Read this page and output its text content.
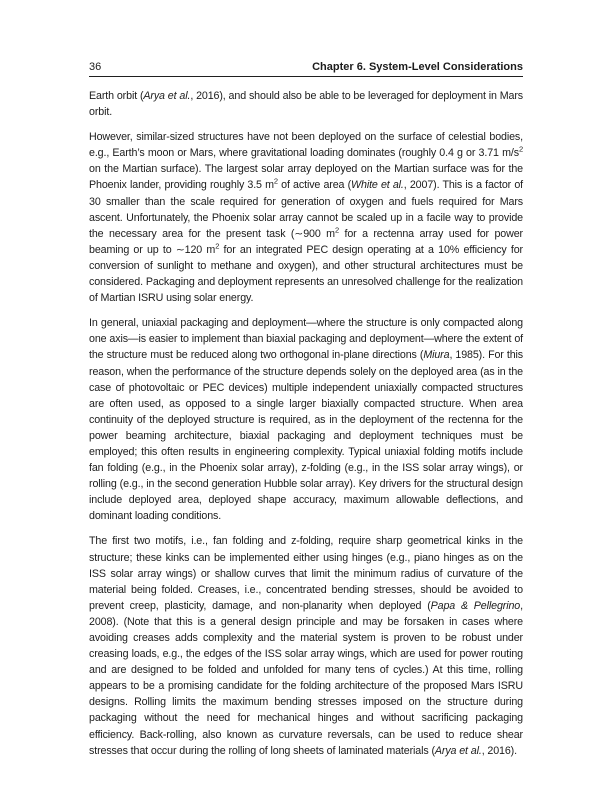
36	Chapter 6. System-Level Considerations

Earth orbit (Arya et al., 2016), and should also be able to be leveraged for deployment in Mars orbit.

However, similar-sized structures have not been deployed on the surface of celestial bodies, e.g., Earth’s moon or Mars, where gravitational loading dominates (roughly 0.4 g or 3.71 $m/s^2$ on the Martian surface). The largest solar array deployed on the Martian surface was for the Phoenix lander, providing roughly 3.5 $m^2$ of active area (White et al., 2007). This is a factor of 30 smaller than the scale required for generation of oxygen and fuels required for Mars ascent. Unfortunately, the Phoenix solar array cannot be scaled up in a facile way to provide the necessary area for the present task (∼900 $m^2$ for a rectenna array used for power beaming or up to ∼120 $m^2$ for an integrated PEC design operating at a 10% efficiency for conversion of sunlight to methane and oxygen), and other structural architectures must be considered. Packaging and deployment represents an unresolved challenge for the realization of Martian ISRU using solar energy.

In general, uniaxial packaging and deployment—where the structure is only compacted along one axis—is easier to implement than biaxial packaging and deployment—where the extent of the structure must be reduced along two orthogonal in-plane directions (Miura, 1985). For this reason, when the performance of the structure depends solely on the deployed area (as in the case of photovoltaic or PEC devices) multiple independent uniaxially compacted structures are often used, as opposed to a single larger biaxially compacted structure. When area continuity of the deployed structure is required, as in the deployment of the rectenna for the power beaming architecture, biaxial packaging and deployment techniques must be employed; this often results in engineering complexity. Typical uniaxial folding motifs include fan folding (e.g., in the Phoenix solar array), z-folding (e.g., in the ISS solar array wings), or rolling (e.g., in the second generation Hubble solar array). Key drivers for the structural design include deployed area, deployed shape accuracy, maximum allowable deflections, and dominant loading conditions.

The first two motifs, i.e., fan folding and z-folding, require sharp geometrical kinks in the structure; these kinks can be implemented either using hinges (e.g., piano hinges as on the ISS solar array wings) or shallow curves that limit the minimum radius of curvature of the material being folded. Creases, i.e., concentrated bending stresses, should be avoided to prevent creep, plasticity, damage, and non-planarity when deployed (Papa & Pellegrino, 2008). (Note that this is a general design principle and may be forsaken in cases where avoiding creases adds complexity and the material system is proven to be robust under creasing loads, e.g., the edges of the ISS solar array wings, which are used for power routing and are designed to be folded and unfolded for many tens of cycles.) At this time, rolling appears to be a promising candidate for the folding architecture of the proposed Mars ISRU designs. Rolling limits the maximum bending stresses imposed on the structure during packaging without the need for mechanical hinges and without sacrificing packaging efficiency. Back-rolling, also known as curvature reversals, can be used to reduce shear stresses that occur during the rolling of long sheets of laminated materials (Arya et al., 2016).
